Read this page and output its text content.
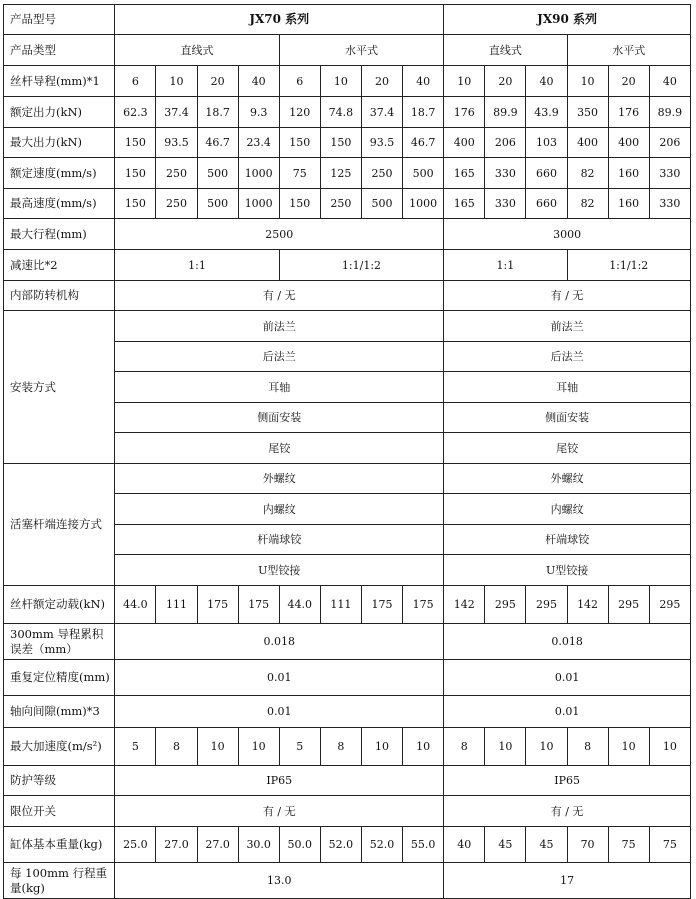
产品型号	JX70 系列								JX90 系列					
产品类型	直线式				水平式				直线式			水平式		
丝杆导程(mm)*1	6	10	20	40	6	10	20	40	10	20	40	10	20	40
额定出力(kN)	62.3	37.4	18.7	9.3	120	74.8	37.4	18.7	176	89.9	43.9	350	176	89.9
最大出力(kN)	150	93.5	46.7	23.4	150	150	93.5	46.7	400	206	103	400	400	206
额定速度(mm/s)	150	250	500	1000	75	125	250	500	165	330	660	82	160	330
最高速度(mm/s)	150	250	500	1000	150	250	500	1000	165	330	660	82	160	330
最大行程(mm)	2500								3000					
减速比*2	1:1				1:1/1:2				1:1			1:1/1:2		
内部防转机构	有 / 无								有 / 无					
安装方式	前法兰								前法兰					
	后法兰								后法兰					
	耳轴								耳轴					
	侧面安装								侧面安装					
	尾铰								尾铰					
活塞杆端连接方式	外螺纹								外螺纹					
	内螺纹								内螺纹					
	杆端球铰								杆端球铰					
	U型铰接								U型铰接					
丝杆额定动载(kN)	44.0	111	175	175	44.0	111	175	175	142	295	295	142	295	295
300mm 导程累积误差（mm）	0.018								0.018					
重复定位精度(mm)	0.01								0.01					
轴向间隙(mm)*3	0.01								0.01					
最大加速度(m/s²)	5	8	10	10	5	8	10	10	8	10	10	8	10	10
防护等级	IP65								IP65					
限位开关	有 / 无								有 / 无					
缸体基本重量(kg)	25.0	27.0	27.0	30.0	50.0	52.0	52.0	55.0	40	45	45	70	75	75
每 100mm 行程重量(kg)	13.0								17					
